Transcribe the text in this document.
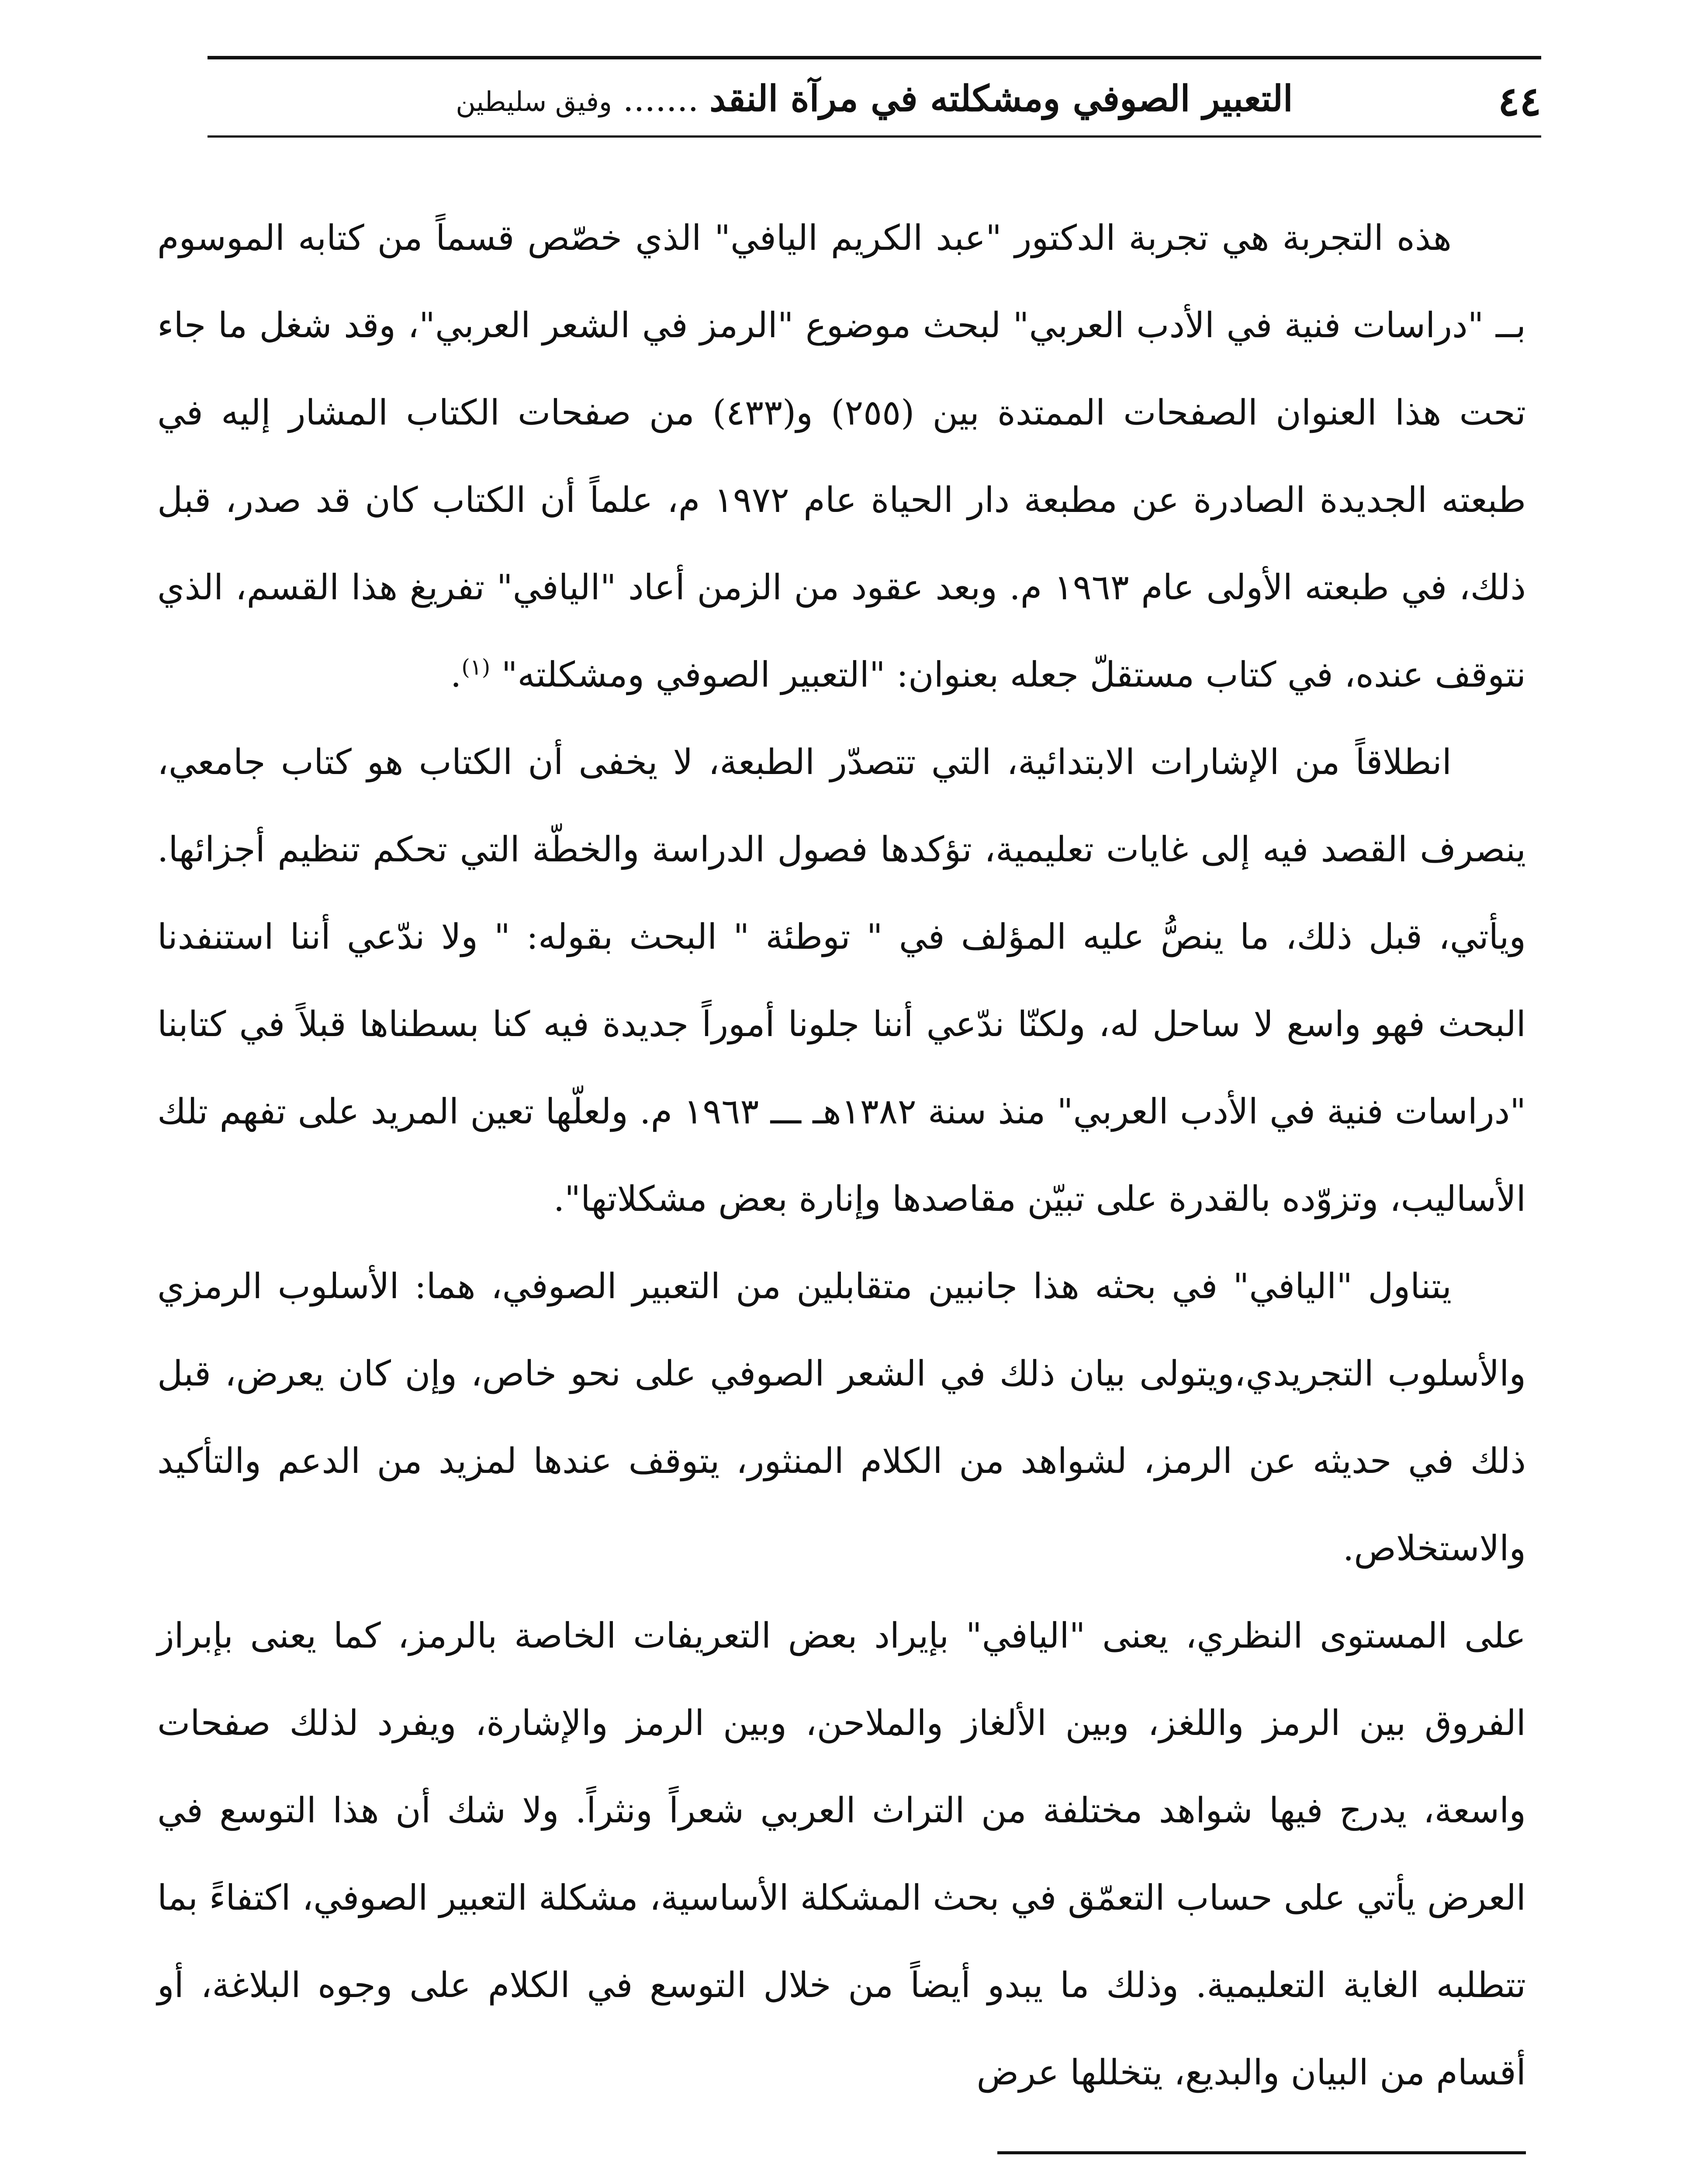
٤٤
التعبير الصوفي ومشكلته في مرآة النقد ....... وفيق سليطين

هذه التجربة هي تجربة الدكتور "عبد الكريم اليافي" الذي خصّص قسماً من كتابه الموسوم بــ "دراسات فنية في الأدب العربي" لبحث موضوع "الرمز في الشعر العربي"، وقد شغل ما جاء تحت هذا العنوان الصفحات الممتدة بين (٢٥٥) و(٤٣٣) من صفحات الكتاب المشار إليه في طبعته الجديدة الصادرة عن مطبعة دار الحياة عام ١٩٧٢ م، علماً أن الكتاب كان قد صدر، قبل ذلك، في طبعته الأولى عام ١٩٦٣ م. وبعد عقود من الزمن أعاد "اليافي" تفريغ هذا القسم، الذي نتوقف عنده، في كتاب مستقلّ جعله بعنوان: "التعبير الصوفي ومشكلته" $^{(١)}$.

انطلاقاً من الإشارات الابتدائية، التي تتصدّر الطبعة، لا يخفى أن الكتاب هو كتاب جامعي، ينصرف القصد فيه إلى غايات تعليمية، تؤكدها فصول الدراسة والخطّة التي تحكم تنظيم أجزائها. ويأتي، قبل ذلك، ما ينصُّ عليه المؤلف في " توطئة " البحث بقوله: " ولا ندّعي أننا استنفدنا البحث فهو واسع لا ساحل له، ولكنّا ندّعي أننا جلونا أموراً جديدة فيه كنا بسطناها قبلاً في كتابنا "دراسات فنية في الأدب العربي" منذ سنة ١٣٨٢هـ ـــ ١٩٦٣ م. ولعلّها تعين المريد على تفهم تلك الأساليب، وتزوّده بالقدرة على تبيّن مقاصدها وإنارة بعض مشكلاتها".

يتناول "اليافي" في بحثه هذا جانبين متقابلين من التعبير الصوفي، هما: الأسلوب الرمزي والأسلوب التجريدي،ويتولى بيان ذلك في الشعر الصوفي على نحو خاص، وإن كان يعرض، قبل ذلك في حديثه عن الرمز، لشواهد من الكلام المنثور، يتوقف عندها لمزيد من الدعم والتأكيد والاستخلاص.

على المستوى النظري، يعنى "اليافي" بإيراد بعض التعريفات الخاصة بالرمز، كما يعنى بإبراز الفروق بين الرمز واللغز، وبين الألغاز والملاحن، وبين الرمز والإشارة، ويفرد لذلك صفحات واسعة، يدرج فيها شواهد مختلفة من التراث العربي شعراً ونثراً. ولا شك أن هذا التوسع في العرض يأتي على حساب التعمّق في بحث المشكلة الأساسية، مشكلة التعبير الصوفي، اكتفاءً بما تتطلبه الغاية التعليمية. وذلك ما يبدو أيضاً من خلال التوسع في الكلام على وجوه البلاغة، أو أقسام من البيان والبديع، يتخللها عرض
